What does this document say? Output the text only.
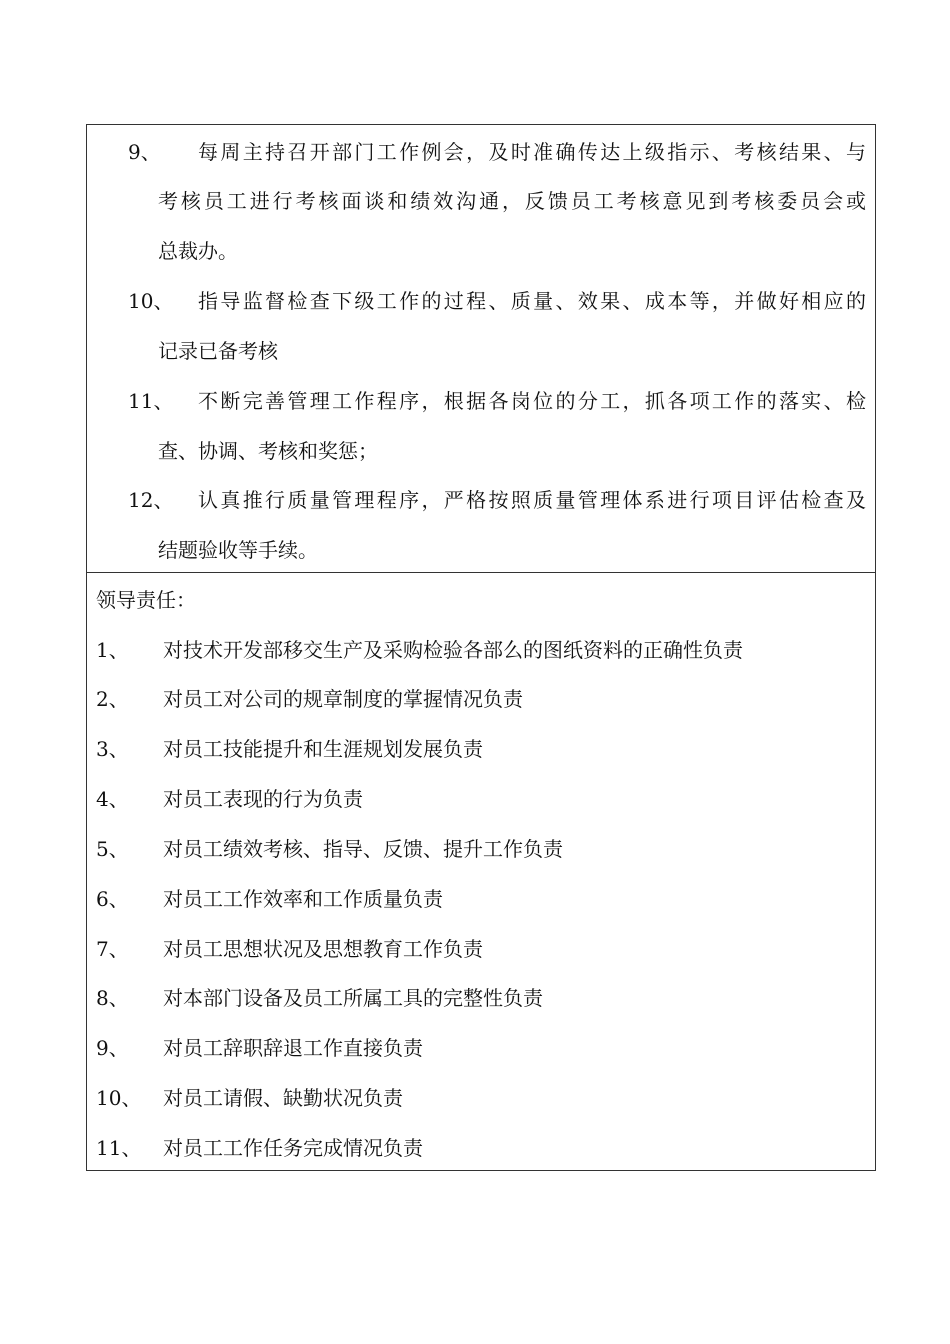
9、 每周主持召开部门工作例会，及时准确传达上级指示、考核结果、与
考核员工进行考核面谈和绩效沟通，反馈员工考核意见到考核委员会或
总裁办。
10、 指导监督检查下级工作的过程、质量、效果、成本等，并做好相应的
记录已备考核
11、 不断完善管理工作程序，根据各岗位的分工，抓各项工作的落实、检
查、协调、考核和奖惩；
12、 认真推行质量管理程序，严格按照质量管理体系进行项目评估检查及
结题验收等手续。
领导责任：
1、 对技术开发部移交生产及采购检验各部么的图纸资料的正确性负责
2、 对员工对公司的规章制度的掌握情况负责
3、 对员工技能提升和生涯规划发展负责
4、 对员工表现的行为负责
5、 对员工绩效考核、指导、反馈、提升工作负责
6、 对员工工作效率和工作质量负责
7、 对员工思想状况及思想教育工作负责
8、 对本部门设备及员工所属工具的完整性负责
9、 对员工辞职辞退工作直接负责
10、 对员工请假、缺勤状况负责
11、 对员工工作任务完成情况负责
